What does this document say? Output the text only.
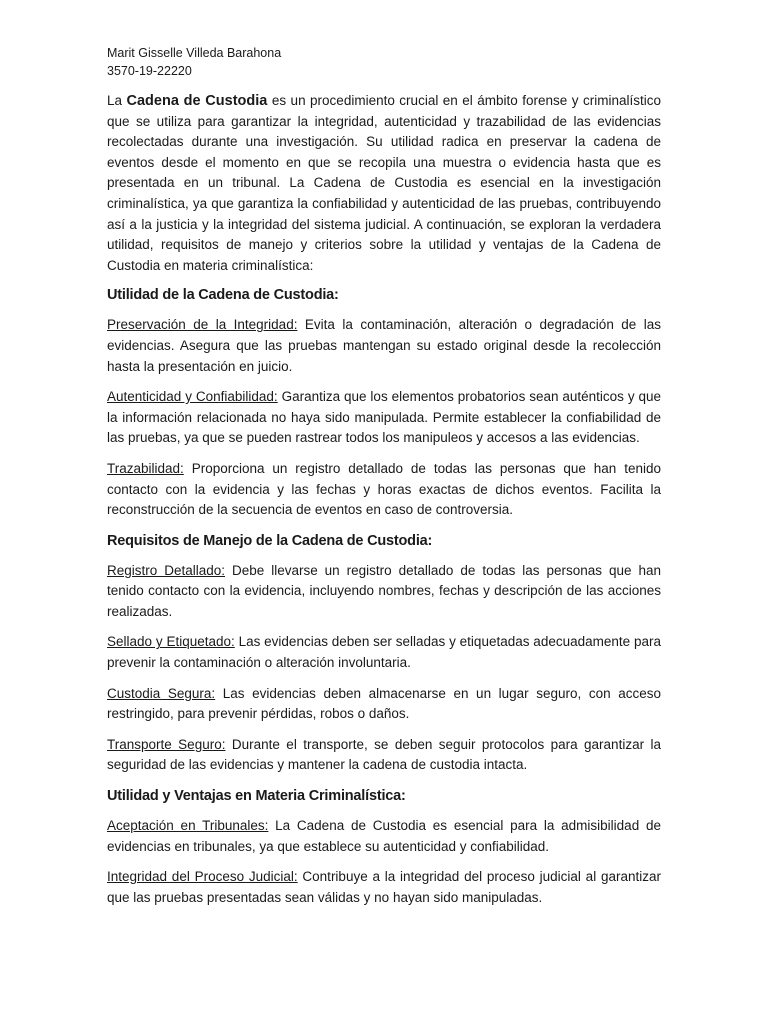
Marit Gisselle Villeda Barahona
3570-19-22220
La Cadena de Custodia es un procedimiento crucial en el ámbito forense y criminalístico que se utiliza para garantizar la integridad, autenticidad y trazabilidad de las evidencias recolectadas durante una investigación. Su utilidad radica en preservar la cadena de eventos desde el momento en que se recopila una muestra o evidencia hasta que es presentada en un tribunal. La Cadena de Custodia es esencial en la investigación criminalística, ya que garantiza la confiabilidad y autenticidad de las pruebas, contribuyendo así a la justicia y la integridad del sistema judicial. A continuación, se exploran la verdadera utilidad, requisitos de manejo y criterios sobre la utilidad y ventajas de la Cadena de Custodia en materia criminalística:
Utilidad de la Cadena de Custodia:

Preservación de la Integridad: Evita la contaminación, alteración o degradación de las evidencias. Asegura que las pruebas mantengan su estado original desde la recolección hasta la presentación en juicio.

Autenticidad y Confiabilidad: Garantiza que los elementos probatorios sean auténticos y que la información relacionada no haya sido manipulada. Permite establecer la confiabilidad de las pruebas, ya que se pueden rastrear todos los manipuleos y accesos a las evidencias.

Trazabilidad: Proporciona un registro detallado de todas las personas que han tenido contacto con la evidencia y las fechas y horas exactas de dichos eventos. Facilita la reconstrucción de la secuencia de eventos en caso de controversia.

Requisitos de Manejo de la Cadena de Custodia:

Registro Detallado: Debe llevarse un registro detallado de todas las personas que han tenido contacto con la evidencia, incluyendo nombres, fechas y descripción de las acciones realizadas.

Sellado y Etiquetado: Las evidencias deben ser selladas y etiquetadas adecuadamente para prevenir la contaminación o alteración involuntaria.

Custodia Segura: Las evidencias deben almacenarse en un lugar seguro, con acceso restringido, para prevenir pérdidas, robos o daños.

Transporte Seguro: Durante el transporte, se deben seguir protocolos para garantizar la seguridad de las evidencias y mantener la cadena de custodia intacta.

Utilidad y Ventajas en Materia Criminalística:

Aceptación en Tribunales: La Cadena de Custodia es esencial para la admisibilidad de evidencias en tribunales, ya que establece su autenticidad y confiabilidad.

Integridad del Proceso Judicial: Contribuye a la integridad del proceso judicial al garantizar que las pruebas presentadas sean válidas y no hayan sido manipuladas.
